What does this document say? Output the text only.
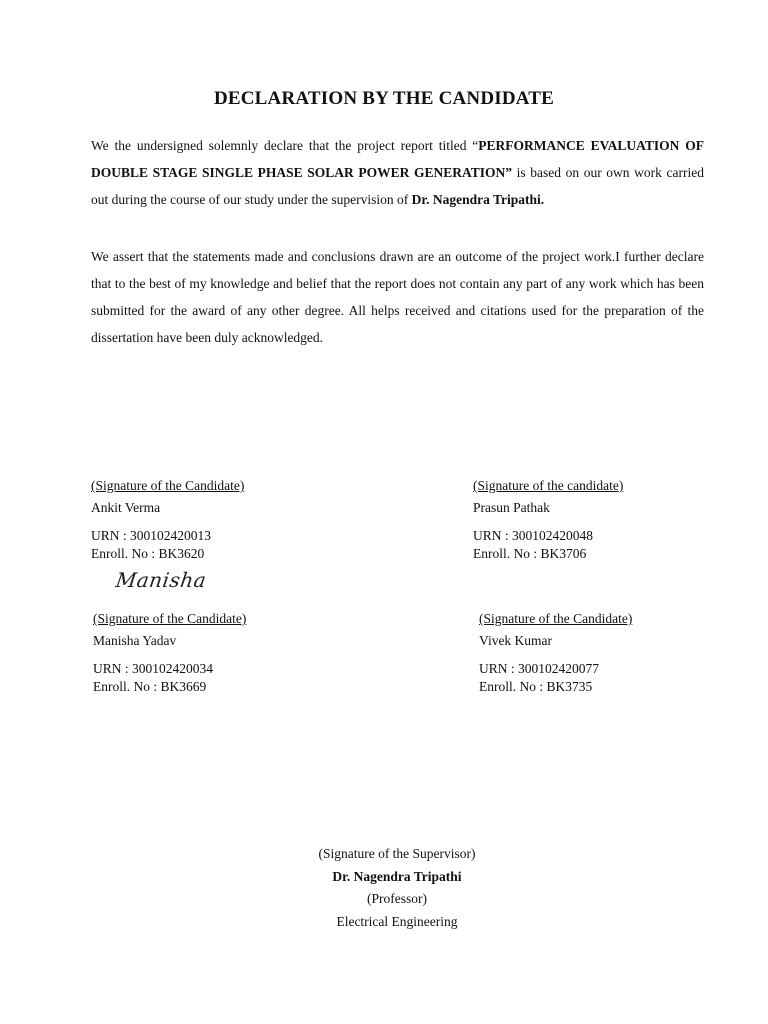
DECLARATION BY THE CANDIDATE
We the undersigned solemnly declare that the project report titled “PERFORMANCE EVALUATION OF DOUBLE STAGE SINGLE PHASE SOLAR POWER GENERATION” is based on our own work carried out during the course of our study under the supervision of Dr. Nagendra Tripathi.
We assert that the statements made and conclusions drawn are an outcome of the project work.I further declare that to the best of my knowledge and belief that the report does not contain any part of any work which has been submitted for the award of any other degree. All helps received and citations used for the preparation of the dissertation have been duly acknowledged.
(Signature of the Candidate)
Ankit Verma
URN : 300102420013
Enroll. No : BK3620
(Signature of the candidate)
Prasun Pathak
URN : 300102420048
Enroll. No : BK3706
Manisha
(Signature of the Candidate)
Manisha Yadav
URN : 300102420034
Enroll. No : BK3669
(Signature of the Candidate)
Vivek Kumar
URN : 300102420077
Enroll. No : BK3735
(Signature of the Supervisor)
Dr. Nagendra Tripathi
(Professor)
Electrical Engineering
